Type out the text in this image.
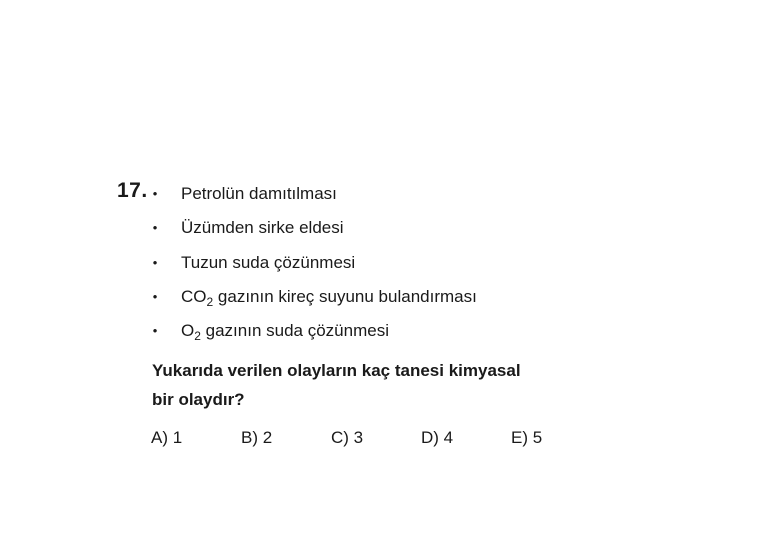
17. • Petrolün damıtılması
• Üzümden sirke eldesi
• Tuzun suda çözünmesi
• $CO_2$ gazının kireç suyunu bulandırması
• $O_2$ gazının suda çözünmesi
Yukarıda verilen olayların kaç tanesi kimyasal
bir olaydır?
A) 1	B) 2	C) 3	D) 4	E) 5
